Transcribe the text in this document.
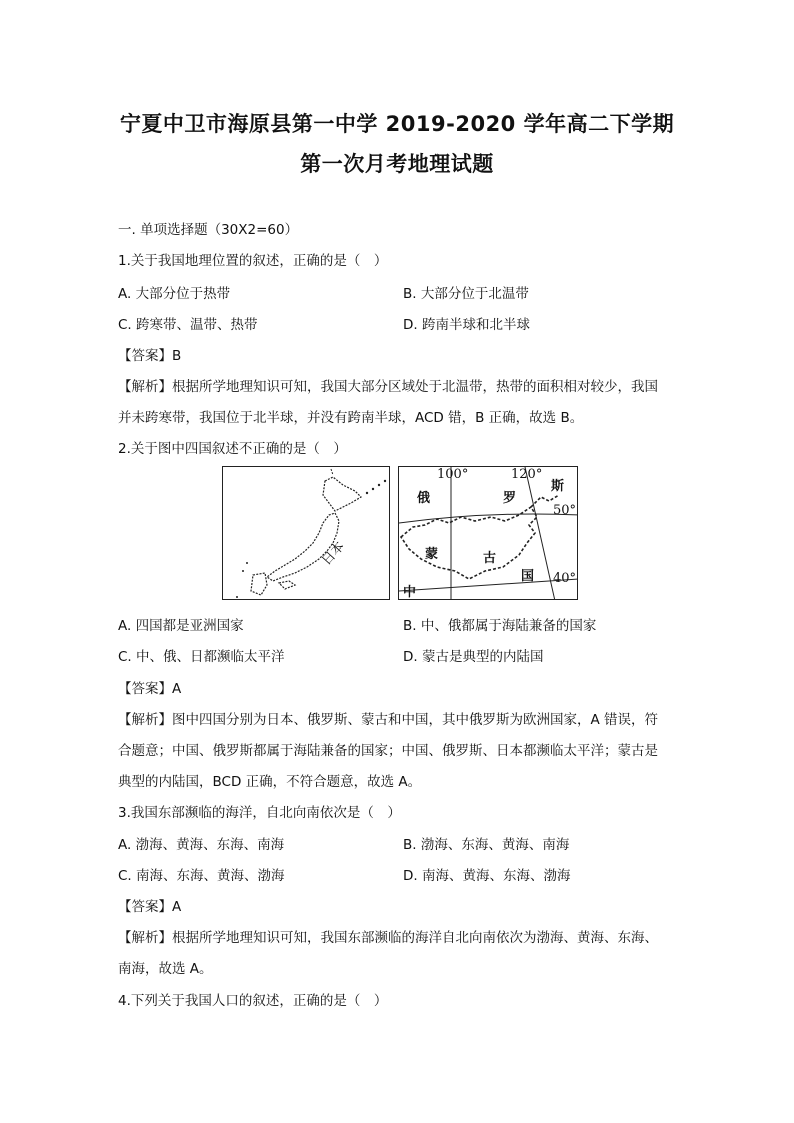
宁夏中卫市海原县第一中学 2019-2020 学年高二下学期
第一次月考地理试题
一. 单项选择题（30X2=60）
1.关于我国地理位置的叙述，正确的是（　）
A. 大部分位于热带	B. 大部分位于北温带
C. 跨寒带、温带、热带	D. 跨南半球和北半球
【答案】B
【解析】根据所学地理知识可知，我国大部分区域处于北温带，热带的面积相对较少，我国
并未跨寒带，我国位于北半球，并没有跨南半球，ACD 错，B 正确，故选 B。
2.关于图中四国叙述不正确的是（　）
日本
100°	120°
50°
40°
俄	罗
斯
蒙	古
国
中
A. 四国都是亚洲国家	B. 中、俄都属于海陆兼备的国家
C. 中、俄、日都濒临太平洋	D. 蒙古是典型的内陆国
【答案】A
【解析】图中四国分别为日本、俄罗斯、蒙古和中国，其中俄罗斯为欧洲国家，A 错误，符
合题意；中国、俄罗斯都属于海陆兼备的国家；中国、俄罗斯、日本都濒临太平洋；蒙古是
典型的内陆国，BCD 正确，不符合题意，故选 A。
3.我国东部濒临的海洋，自北向南依次是（　）
A. 渤海、黄海、东海、南海	B. 渤海、东海、黄海、南海
C. 南海、东海、黄海、渤海	D. 南海、黄海、东海、渤海
【答案】A
【解析】根据所学地理知识可知，我国东部濒临的海洋自北向南依次为渤海、黄海、东海、
南海，故选 A。
4.下列关于我国人口的叙述，正确的是（　）
